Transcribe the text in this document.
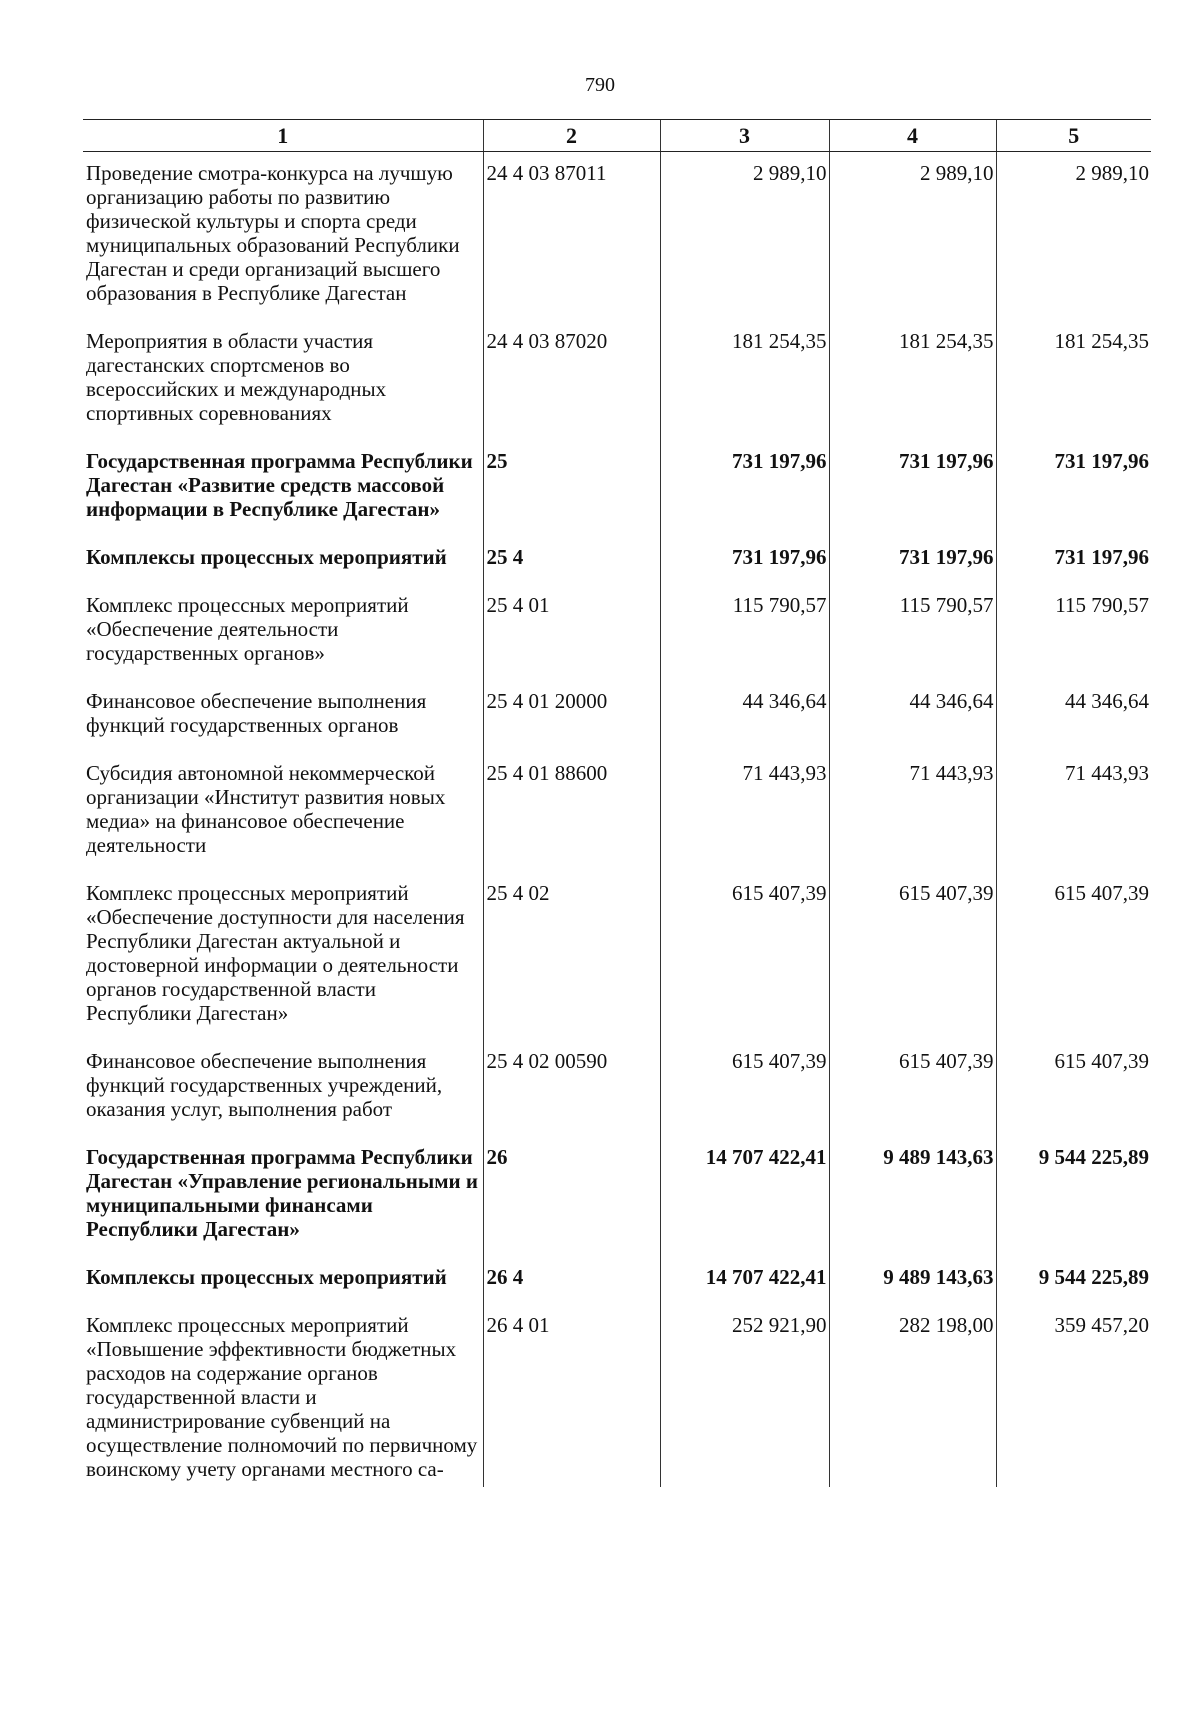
790
1	2	3	4	5
Проведение смотра-конкурса на лучшую организацию работы по развитию физической культуры и спорта среди муниципальных образований Республики Дагестан и среди организаций высшего образования в Республике Дагестан	24 4 03 87011	2 989,10	2 989,10	2 989,10
Мероприятия в области участия дагестанских спортсменов во всероссийских и международных спортивных соревнованиях	24 4 03 87020	181 254,35	181 254,35	181 254,35
Государственная программа Республики Дагестан «Развитие средств массовой информации в Республике Дагестан»	25	731 197,96	731 197,96	731 197,96
Комплексы процессных мероприятий	25 4	731 197,96	731 197,96	731 197,96
Комплекс процессных мероприятий «Обеспечение деятельности государственных органов»	25 4 01	115 790,57	115 790,57	115 790,57
Финансовое обеспечение выполнения функций государственных органов	25 4 01 20000	44 346,64	44 346,64	44 346,64
Субсидия автономной некоммерческой организации «Институт развития новых медиа» на финансовое обеспечение деятельности	25 4 01 88600	71 443,93	71 443,93	71 443,93
Комплекс процессных мероприятий «Обеспечение доступности для населения Республики Дагестан актуальной и достоверной информации о деятельности органов государственной власти Республики Дагестан»	25 4 02	615 407,39	615 407,39	615 407,39
Финансовое обеспечение выполнения функций государственных учреждений, оказания услуг, выполнения работ	25 4 02 00590	615 407,39	615 407,39	615 407,39
Государственная программа Республики Дагестан «Управление региональными и муниципальными финансами Республики Дагестан»	26	14 707 422,41	9 489 143,63	9 544 225,89
Комплексы процессных мероприятий	26 4	14 707 422,41	9 489 143,63	9 544 225,89
Комплекс процессных мероприятий «Повышение эффективности бюджетных расходов на содержание органов государственной власти и администрирование субвенций на осуществление полномочий по первичному воинскому учету органами местного са-	26 4 01	252 921,90	282 198,00	359 457,20
